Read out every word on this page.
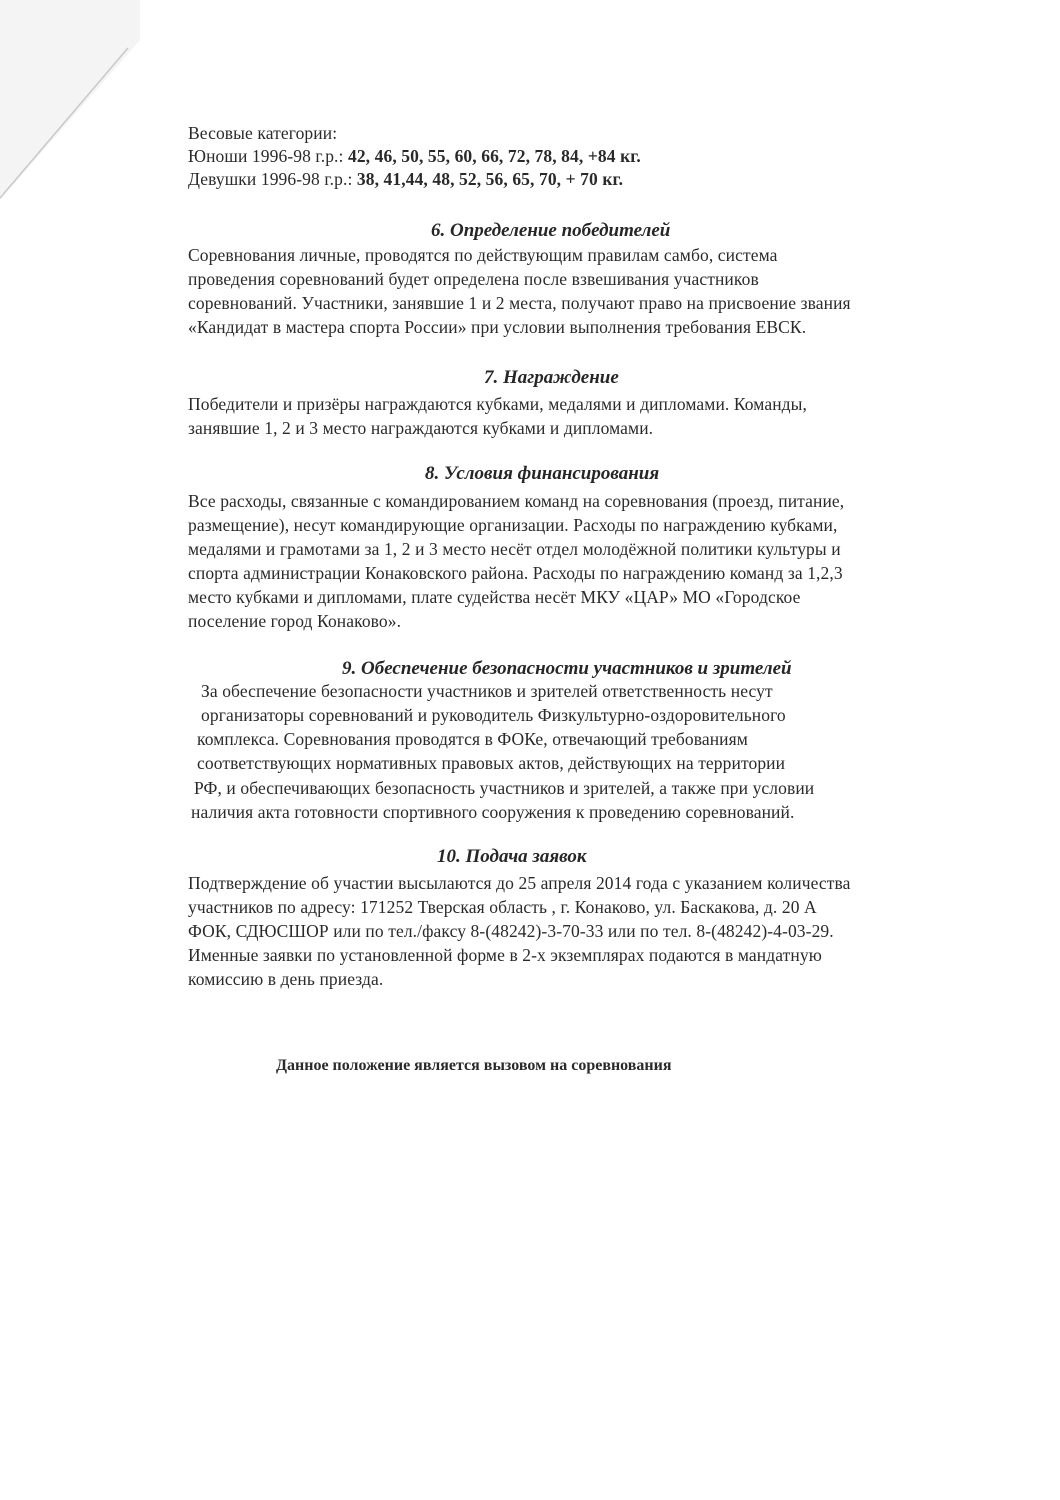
Весовые категории:
Юноши 1996-98 г.р.: 42, 46, 50, 55, 60, 66, 72, 78, 84, +84 кг.
Девушки 1996-98 г.р.: 38, 41,44, 48, 52, 56, 65, 70, + 70 кг.
6. Определение победителей
Соревнования личные, проводятся по действующим правилам самбо, система
проведения соревнований будет определена после взвешивания участников
соревнований. Участники, занявшие 1 и 2 места, получают право на присвоение звания
«Кандидат в мастера спорта России» при условии выполнения требования ЕВСК.
7. Награждение
Победители и призёры награждаются кубками, медалями и дипломами. Команды,
занявшие 1, 2 и 3 место награждаются кубками и дипломами.
8. Условия финансирования
Все расходы, связанные с командированием команд на соревнования (проезд, питание,
размещение), несут командирующие организации. Расходы по награждению кубками,
медалями и грамотами за 1, 2 и 3 место несёт отдел молодёжной политики культуры и
спорта администрации Конаковского района. Расходы по награждению команд за 1,2,3
место кубками и дипломами, плате судейства несёт МКУ «ЦАР» МО «Городское
поселение город Конаково».
9. Обеспечение безопасности участников и зрителей
За обеспечение безопасности участников и зрителей ответственность несут
организаторы соревнований и руководитель Физкультурно-оздоровительного
комплекса. Соревнования проводятся в ФОКе, отвечающий требованиям
соответствующих нормативных правовых актов, действующих на территории
РФ, и обеспечивающих безопасность участников и зрителей, а также при условии
наличия акта готовности спортивного сооружения к проведению соревнований.
10. Подача заявок
Подтверждение об участии высылаются до 25 апреля 2014 года с указанием количества
участников по адресу: 171252 Тверская область , г. Конаково, ул. Баскакова, д. 20 А
ФОК, СДЮСШОР или по тел./факсу 8-(48242)-3-70-33 или по тел. 8-(48242)-4-03-29.
Именные заявки по установленной форме в 2-х экземплярах подаются в мандатную
комиссию в день приезда.
Данное положение является вызовом на соревнования
